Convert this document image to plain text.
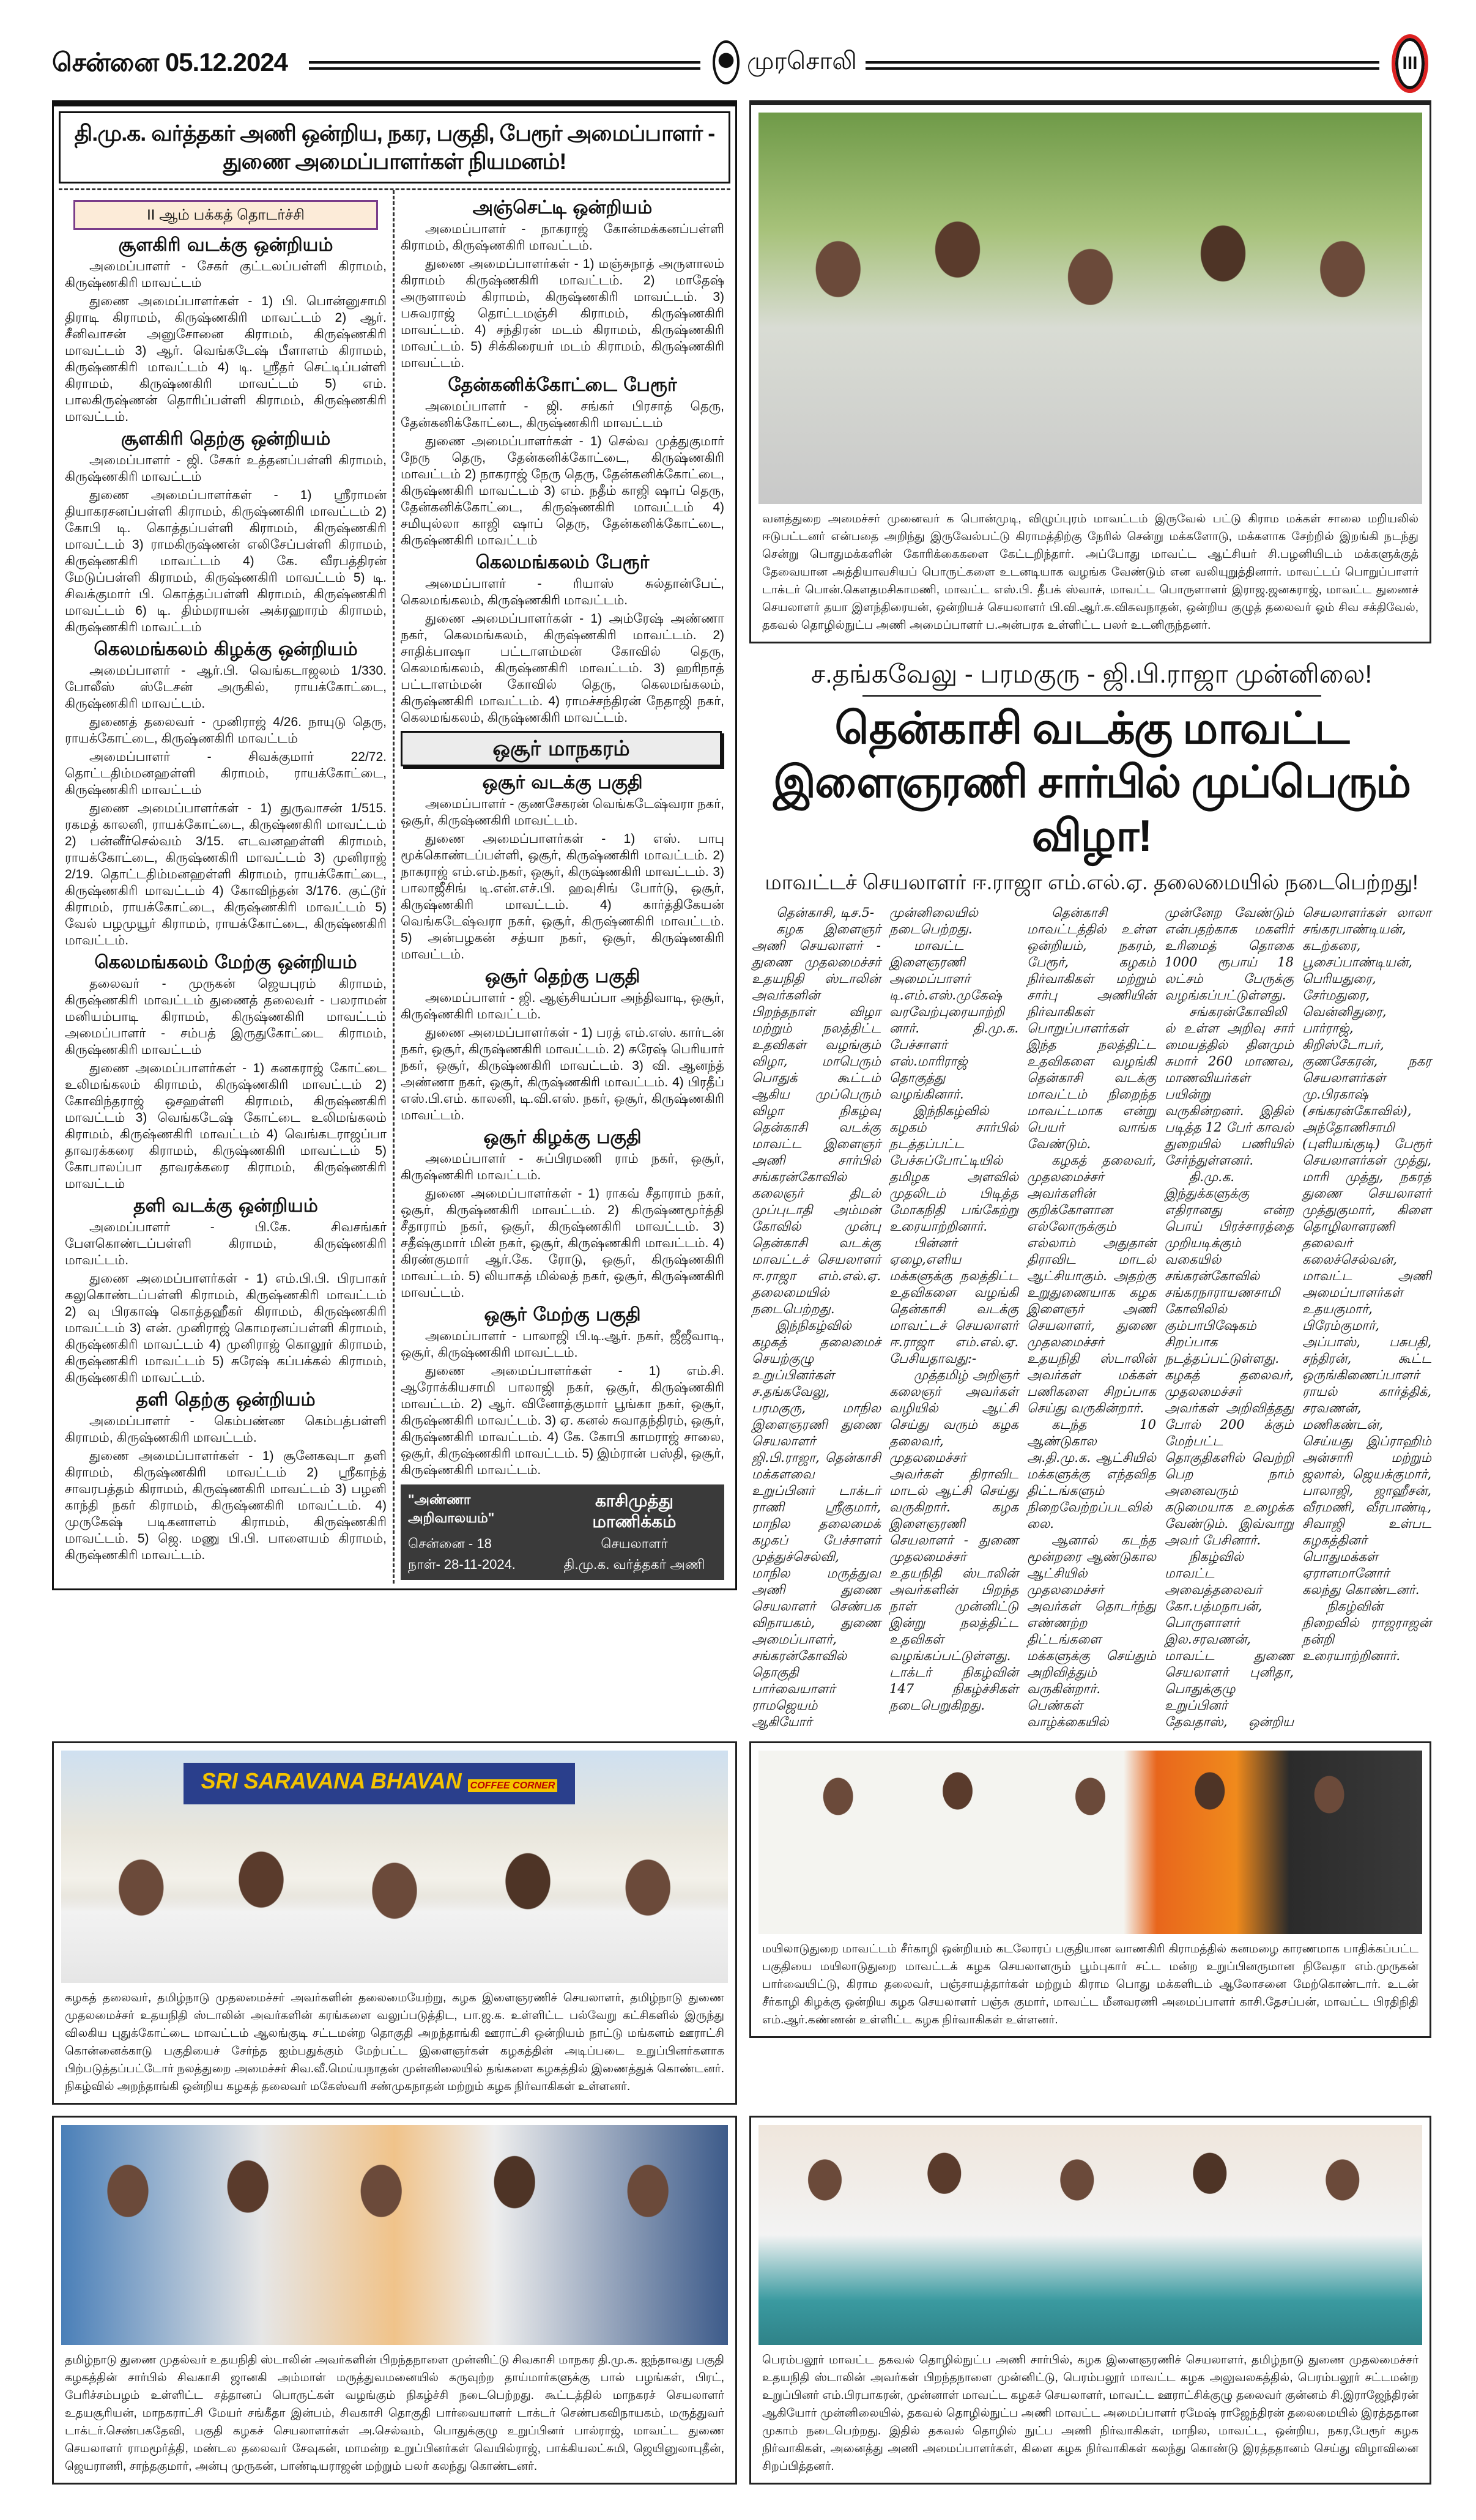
சென்னை 05.12.2024	முரசொலி	III
தி.மு.க. வர்த்தகர் அணி ஒன்றிய, நகர, பகுதி, பேரூர் அமைப்பாளர் - துணை அமைப்பாளர்கள் நியமனம்!
II ஆம் பக்கத் தொடர்ச்சி
சூளகிரி வடக்கு ஒன்றியம்

அமைப்பாளர் - சேகர் குட்டலப்பள்ளி கிராமம், கிருஷ்ணகிரி மாவட்டம்

துணை அமைப்பாளர்கள் - 1) பி. பொன்னுசாமி திராடி கிராமம், கிருஷ்ணகிரி மாவட்டம் 2) ஆர். சீனிவாசன் அனுசோனை கிராமம், கிருஷ்ணகிரி மாவட்டம் 3) ஆர். வெங்கடேஷ் பீளாளம் கிராமம், கிருஷ்ணகிரி மாவட்டம் 4) டி. ஸ்ரீதர் செட்டிப்பள்ளி கிராமம், கிருஷ்ணகிரி மாவட்டம் 5) எம். பாலகிருஷ்ணன் தொரிப்பள்ளி கிராமம், கிருஷ்ணகிரி மாவட்டம்.

சூளகிரி தெற்கு ஒன்றியம்

அமைப்பாளர் - ஜி. சேகர் உத்தனப்பள்ளி கிராமம், கிருஷ்ணகிரி மாவட்டம்

துணை அமைப்பாளர்கள் - 1) ஸ்ரீராமன் தியாகரசனப்பள்ளி கிராமம், கிருஷ்ணகிரி மாவட்டம் 2) கோபி டி. கொத்தப்பள்ளி கிராமம், கிருஷ்ணகிரி மாவட்டம் 3) ராமகிருஷ்ணன் எலிசேப்பள்ளி கிராமம், கிருஷ்ணகிரி மாவட்டம் 4) கே. வீரபத்திரன் மேடுப்பள்ளி கிராமம், கிருஷ்ணகிரி மாவட்டம் 5) டி. சிவக்குமார் பி. கொத்தப்பள்ளி கிராமம், கிருஷ்ணகிரி மாவட்டம் 6) டி. திம்மராயன் அக்ரஹாரம் கிராமம், கிருஷ்ணகிரி மாவட்டம்

கெலமங்கலம் கிழக்கு ஒன்றியம்

அமைப்பாளர் - ஆர்.பி. வெங்கடாஜலம் 1/330. போலீஸ் ஸ்டேசன் அருகில், ராயக்கோட்டை, கிருஷ்ணகிரி மாவட்டம்.

துணைத் தலைவர் - முனிராஜ் 4/26. நாயுடு தெரு, ராயக்கோட்டை, கிருஷ்ணகிரி மாவட்டம்

அமைப்பாளர் - சிவக்குமார் 22/72. தொட்டதிம்மனஹள்ளி கிராமம், ராயக்கோட்டை, கிருஷ்ணகிரி மாவட்டம்

துணை அமைப்பாளர்கள் - 1) துருவாசன் 1/515. ரகமத் காலனி, ராயக்கோட்டை, கிருஷ்ணகிரி மாவட்டம் 2) பன்னீர்செல்வம் 3/15. எடவனஹள்ளி கிராமம், ராயக்கோட்டை, கிருஷ்ணகிரி மாவட்டம் 3) முனிராஜ் 2/19. தொட்டதிம்மனஹள்ளி கிராமம், ராயக்கோட்டை, கிருஷ்ணகிரி மாவட்டம் 4) கோவிந்தன் 3/176. குட்டூர் கிராமம், ராயக்கோட்டை, கிருஷ்ணகிரி மாவட்டம் 5) வேல் பழமுயூர் கிராமம், ராயக்கோட்டை, கிருஷ்ணகிரி மாவட்டம்.

கெலமங்கலம் மேற்கு ஒன்றியம்

தலைவர் - முருகன் ஜெயபுரம் கிராமம், கிருஷ்ணகிரி மாவட்டம் துணைத் தலைவர் - பலராமன் மனியம்பாடி கிராமம், கிருஷ்ணகிரி மாவட்டம் அமைப்பாளர் - சம்பத் இருதுகோட்டை கிராமம், கிருஷ்ணகிரி மாவட்டம்

துணை அமைப்பாளர்கள் - 1) கனகராஜ் கோட்டை உலிமங்கலம் கிராமம், கிருஷ்ணகிரி மாவட்டம் 2) கோவிந்தராஜ் ஒசஹள்ளி கிராமம், கிருஷ்ணகிரி மாவட்டம் 3) வெங்கடேஷ் கோட்டை உலிமங்கலம் கிராமம், கிருஷ்ணகிரி மாவட்டம் 4) வெங்கடராஜப்பா தாவரக்கரை கிராமம், கிருஷ்ணகிரி மாவட்டம் 5) கோபாலப்பா தாவரக்கரை கிராமம், கிருஷ்ணகிரி மாவட்டம்

தளி வடக்கு ஒன்றியம்

அமைப்பாளர் - பி.கே. சிவசங்கர் பேளகொண்டப்பள்ளி கிராமம், கிருஷ்ணகிரி மாவட்டம்.

துணை அமைப்பாளர்கள் - 1) எம்.பி.பி. பிரபாகர் கலுகொண்டப்பள்ளி கிராமம், கிருஷ்ணகிரி மாவட்டம் 2) வு பிரகாஷ் கொத்தஹீகர் கிராமம், கிருஷ்ணகிரி மாவட்டம் 3) என். முனிராஜ் கொமரனப்பள்ளி கிராமம், கிருஷ்ணகிரி மாவட்டம் 4) முனிராஜ் கொலூர் கிராமம், கிருஷ்ணகிரி மாவட்டம் 5) சுரேஷ் கப்பக்கல் கிராமம், கிருஷ்ணகிரி மாவட்டம்.

தளி தெற்கு ஒன்றியம்

அமைப்பாளர் - கெம்பண்ண கெம்பத்பள்ளி கிராமம், கிருஷ்ணகிரி மாவட்டம்.

துணை அமைப்பாளர்கள் - 1) சூனேகவுடா தளி கிராமம், கிருஷ்ணகிரி மாவட்டம் 2) ஸ்ரீகாந்த் சாவரபத்தம் கிராமம், கிருஷ்ணகிரி மாவட்டம் 3) பழனி காந்தி நகர் கிராமம், கிருஷ்ணகிரி மாவட்டம். 4) முருகேஷ் படிகனாளம் கிராமம், கிருஷ்ணகிரி மாவட்டம். 5) ஜெ. மணு பி.பி. பாளையம் கிராமம், கிருஷ்ணகிரி மாவட்டம்.

அஞ்செட்டி ஒன்றியம்

அமைப்பாளர் - நாகராஜ் கோன்மக்கனப்பள்ளி கிராமம், கிருஷ்ணகிரி மாவட்டம்.

துணை அமைப்பாளர்கள் - 1) மஞ்சுநாத் அருளாலம் கிராமம் கிருஷ்ணகிரி மாவட்டம். 2) மாதேஷ் அருளாலம் கிராமம், கிருஷ்ணகிரி மாவட்டம். 3) பசுவராஜ் தொட்டமஞ்சி கிராமம், கிருஷ்ணகிரி மாவட்டம். 4) சந்திரன் மடம் கிராமம், கிருஷ்ணகிரி மாவட்டம். 5) சிக்கிரையர் மடம் கிராமம், கிருஷ்ணகிரி மாவட்டம்.

தேன்கனிக்கோட்டை பேரூர்

அமைப்பாளர் - ஜி. சங்கர் பிரசாத் தெரு, தேன்கனிக்கோட்டை, கிருஷ்ணகிரி மாவட்டம்

துணை அமைப்பாளர்கள் - 1) செல்வ முத்துகுமார் நேரு தெரு, தேன்கனிக்கோட்டை, கிருஷ்ணகிரி மாவட்டம் 2) நாகராஜ் நேரு தெரு, தேன்கனிக்கோட்டை, கிருஷ்ணகிரி மாவட்டம் 3) எம். நதீம் காஜி ஷாப் தெரு, தேன்கனிக்கோட்டை, கிருஷ்ணகிரி மாவட்டம் 4) சமியுல்லா காஜி ஷாப் தெரு, தேன்கனிக்கோட்டை, கிருஷ்ணகிரி மாவட்டம்

கெலமங்கலம் பேரூர்

அமைப்பாளர் - ரியாஸ் சுல்தான்பேட், கெலமங்கலம், கிருஷ்ணகிரி மாவட்டம்.

துணை அமைப்பாளர்கள் - 1) அம்ரேஷ் அண்ணா நகர், கெலமங்கலம், கிருஷ்ணகிரி மாவட்டம். 2) சாதிக்பாஷா பட்டாளம்மன் கோவில் தெரு, கெலமங்கலம், கிருஷ்ணகிரி மாவட்டம். 3) ஹரிநாத் பட்டாளம்மன் கோவில் தெரு, கெலமங்கலம், கிருஷ்ணகிரி மாவட்டம். 4) ராமச்சந்திரன் நேதாஜி நகர், கெலமங்கலம், கிருஷ்ணகிரி மாவட்டம்.

ஒசூர் மாநகரம்
ஒசூர் வடக்கு பகுதி

அமைப்பாளர் - குணசேகரன் வெங்கடேஷ்வரா நகர், ஒசூர், கிருஷ்ணகிரி மாவட்டம்.

துணை அமைப்பாளர்கள் - 1) எஸ். பாபு மூக்கொண்டப்பள்ளி, ஒசூர், கிருஷ்ணகிரி மாவட்டம். 2) நாகராஜ் எம்.எம்.நகர், ஒசூர், கிருஷ்ணகிரி மாவட்டம். 3) பாலாஜீசிங் டி.என்.எச்.பி. ஹவுசிங் போர்டு, ஒசூர், கிருஷ்ணகிரி மாவட்டம். 4) கார்த்திகேயன் வெங்கடேஷ்வரா நகர், ஒசூர், கிருஷ்ணகிரி மாவட்டம். 5) அன்பழகன் சத்யா நகர், ஒசூர், கிருஷ்ணகிரி மாவட்டம்.

ஒசூர் தெற்கு பகுதி

அமைப்பாளர் - ஜி. ஆஞ்சியப்பா அந்திவாடி, ஒசூர், கிருஷ்ணகிரி மாவட்டம்.

துணை அமைப்பாளர்கள் - 1) பரத் எம்.எஸ். கார்டன் நகர், ஒசூர், கிருஷ்ணகிரி மாவட்டம். 2) சுரேஷ் பெரியார் நகர், ஒசூர், கிருஷ்ணகிரி மாவட்டம். 3) வி. ஆனந்த் அண்ணா நகர், ஒசூர், கிருஷ்ணகிரி மாவட்டம். 4) பிரதீப் எஸ்.பி.எம். காலனி, டி.வி.எஸ். நகர், ஒசூர், கிருஷ்ணகிரி மாவட்டம்.

ஒசூர் கிழக்கு பகுதி

அமைப்பாளர் - சுப்பிரமணி ராம் நகர், ஒசூர், கிருஷ்ணகிரி மாவட்டம்.

துணை அமைப்பாளர்கள் - 1) ராகவ் சீதாராம் நகர், ஒசூர், கிருஷ்ணகிரி மாவட்டம். 2) கிருஷ்ணமூர்த்தி சீதாராம் நகர், ஒசூர், கிருஷ்ணகிரி மாவட்டம். 3) சதீஷ்குமார் மின் நகர், ஒசூர், கிருஷ்ணகிரி மாவட்டம். 4) கிரண்குமார் ஆர்.கே. ரோடு, ஒசூர், கிருஷ்ணகிரி மாவட்டம். 5) லியாகத் மில்லத் நகர், ஒசூர், கிருஷ்ணகிரி மாவட்டம்.

ஒசூர் மேற்கு பகுதி

அமைப்பாளர் - பாலாஜி பி.டி.ஆர். நகர், ஜீஜீவாடி, ஒசூர், கிருஷ்ணகிரி மாவட்டம்.

துணை அமைப்பாளர்கள் - 1) எம்.சி. ஆரோக்கியசாமி பாலாஜி நகர், ஒசூர், கிருஷ்ணகிரி மாவட்டம். 2) ஆர். வினோத்குமார் பூங்கா நகர், ஒசூர், கிருஷ்ணகிரி மாவட்டம். 3) ஏ. கனல் சுவாதந்திரம், ஒசூர், கிருஷ்ணகிரி மாவட்டம். 4) கே. கோபி காமராஜ் சாலை, ஒசூர், கிருஷ்ணகிரி மாவட்டம். 5) இம்ரான் பஸ்தி, ஒசூர், கிருஷ்ணகிரி மாவட்டம்.

"அண்ணா அறிவாலயம்"
காசிமுத்து மாணிக்கம்
சென்னை - 18	செயலாளர்
நாள்- 28-11-2024.	தி.மு.க. வர்த்தகர் அணி
வனத்துறை அமைச்சர் முனைவர் க பொன்முடி, விழுப்புரம் மாவட்டம் இருவேல் பட்டு கிராம மக்கள் சாலை மறியலில் ஈடுபட்டனர் என்பதை அறிந்து இருவேல்பட்டு கிராமத்திற்கு நேரில் சென்று மக்களோடு, மக்களாக சேற்றில் இறங்கி நடந்து சென்று பொதுமக்களின் கோரிக்கைகளை கேட்டறிந்தார். அப்போது மாவட்ட ஆட்சியர் சி.பழனியிடம் மக்களுக்குத் தேவையான அத்தியாவசியப் பொருட்களை உடனடியாக வழங்க வேண்டும் என வலியுறுத்தினார். மாவட்டப் பொறுப்பாளர் டாக்டர் பொன்.கௌதமசிகாமணி, மாவட்ட எஸ்.பி. தீபக் ஸ்வாச், மாவட்ட பொருளாளர் இராஜ.ஜனகராஜ், மாவட்ட துணைச் செயலாளர் தயா இளந்திரையன், ஒன்றியச் செயலாளர் பி.வி.ஆர்.சு.விசுவநாதன், ஒன்றிய குழுத் தலைவர் ஓம் சிவ சக்திவேல், தகவல் தொழில்நுட்ப அணி அமைப்பாளர் ப.அன்பரசு உள்ளிட்ட பலர் உடனிருந்தனர்.
ச.தங்கவேலு - பரமகுரு - ஜி.பி.ராஜா முன்னிலை!
தென்காசி வடக்கு மாவட்ட இளைஞரணி சார்பில் முப்பெரும் விழா!
மாவட்டச் செயலாளர் ஈ.ராஜா எம்.எல்.ஏ. தலைமையில் நடைபெற்றது!

தென்காசி, டிச.5-

கழக இளைஞர் அணி செயலாளர் - துணை முதலமைச்சர் உதயநிதி ஸ்டாலின் அவர்களின் பிறந்தநாள் விழா மற்றும் நலத்திட்ட உதவிகள் வழங்கும் விழா, மாபெரும் பொதுக் கூட்டம் ஆகிய முப்பெரும் விழா நிகழ்வு தென்காசி வடக்கு மாவட்ட இளைஞர் அணி சார்பில் சங்கரன்கோவில் கலைஞர் திடல் முப்புடாதி அம்மன் கோவில் முன்பு தென்காசி வடக்கு மாவட்டச் செயலாளர் ஈ.ராஜா எம்.எல்.ஏ. தலைமையில் நடைபெற்றது.

இந்நிகழ்வில் கழகத் தலைமைச் செயற்குழு உறுப்பினர்கள் ச.தங்கவேலு, பரமகுரு, மாநில இளைஞரணி துணை செயலாளர் ஜி.பி.ராஜா, தென்காசி மக்களவை உறுப்பினர் டாக்டர் ராணி ஸ்ரீகுமார், மாநில தலைமைக் கழகப் பேச்சாளர் முத்துச்செல்வி, மாநில மருத்துவ அணி துணை செயலாளர் செண்பக விநாயகம், துணை அமைப்பாளர், சங்கரன்கோவில் தொகுதி பார்வையாளர் ராமஜெயம் ஆகியோர் முன்னிலையில் நடைபெற்றது.

மாவட்ட இளைஞரணி அமைப்பாளர் டி.எம்.எஸ்.முகேஷ் வரவேற்புரையாற்றினார். தி.மு.க. பேச்சாளர் எஸ்.மாரிராஜ் தொகுத்து வழங்கினார்.

இந்நிகழ்வில் கழகம் சார்பில் நடத்தப்பட்ட பேச்சுப்போட்டியில் தமிழக அளவில் முதலிடம் பிடித்த மோகநிதி பங்கேற்று உரையாற்றினார்.

பின்னர் ஏழை,எளிய மக்களுக்கு நலத்திட்ட உதவிகளை வழங்கி தென்காசி வடக்கு மாவட்டச் செயலாளர் ஈ.ராஜா எம்.எல்.ஏ. பேசியதாவது:-

முத்தமிழ் அறிஞர் கலைஞர் அவர்கள் வழியில் ஆட்சி செய்து வரும் கழக தலைவர், முதலமைச்சர் அவர்கள் திராவிட மாடல் ஆட்சி செய்து வருகிறார். கழக இளைஞரணி செயலாளர் - துணை முதலமைச்சர் உதயநிதி ஸ்டாலின் அவர்களின் பிறந்த நாள் முன்னிட்டு இன்று நலத்திட்ட உதவிகள் வழங்கப்பட்டுள்ளது. டாக்டர் நிகழ்வின் 147 நிகழ்ச்சிகள் நடைபெறுகிறது.

தென்காசி மாவட்டத்தில் உள்ள ஒன்றியம், நகரம், பேரூர், கழகம் நிர்வாகிகள் மற்றும் சார்பு அணியின் நிர்வாகிகள் பொறுப்பாளர்கள் இந்த நலத்திட்ட உதவிகளை வழங்கி தென்காசி வடக்கு மாவட்டம் நிறைந்த மாவட்டமாக என்று பெயர் வாங்க வேண்டும்.

கழகத் தலைவர், முதலமைச்சர் அவர்களின் குறிக்கோளான எல்லோருக்கும் எல்லாம் அதுதான் திராவிட மாடல் ஆட்சியாகும். அதற்கு உறுதுணையாக கழக இளைஞர் அணி செயலாளர், துணை முதலமைச்சர் உதயநிதி ஸ்டாலின் அவர்கள் மக்கள் பணிகளை சிறப்பாக செய்து வருகின்றார்.

கடந்த 10 ஆண்டுகால அ.தி.மு.க. ஆட்சியில் மக்களுக்கு எந்தவித திட்டங்களும் நிறைவேற்றப்படவில்லை.

ஆனால் கடந்த மூன்றரை ஆண்டுகால ஆட்சியில் முதலமைச்சர் அவர்கள் தொடர்ந்து எண்ணற்ற திட்டங்களை மக்களுக்கு செய்தும் அறிவித்தும் வருகின்றார். பெண்கள் வாழ்க்கையில் முன்னேற வேண்டும் என்பதற்காக மகளிர் உரிமைத் தொகை 1000 ரூபாய் 18 லட்சம் பேருக்கு வழங்கப்பட்டுள்ளது.

சங்கரன்கோவிலில் உள்ள அறிவு சார் மையத்தில் தினமும் சுமார் 260 மாணவ, மாணவியர்கள் பயின்று வருகின்றனர். இதில் படித்த 12 பேர் காவல் துறையில் பணியில் சேர்ந்துள்ளனர்.

தி.மு.க. இந்துக்களுக்கு எதிரானது என்ற பொய் பிரச்சாரத்தை முறியடிக்கும் வகையில் சங்கரன்கோவில் சங்கரநாராயணசாமி கோவிலில் கும்பாபிஷேகம் சிறப்பாக நடத்தப்பட்டுள்ளது. கழகத் தலைவர், முதலமைச்சர் அவர்கள் அறிவித்தது போல் 200 க்கும் மேற்பட்ட தொகுதிகளில் வெற்றி பெற நாம் அனைவரும் கடுமையாக உழைக்க வேண்டும். இவ்வாறு அவர் பேசினார்.

நிகழ்வில் மாவட்ட அவைத்தலைவர் கோ.பத்மநாபன், பொருளாளர் இல.சரவணன், மாவட்ட துணை செயலாளர் புனிதா, பொதுக்குழு உறுப்பினர் தேவதாஸ், ஒன்றிய செயலாளர்கள் லாலா சங்கரபாண்டியன், கடற்கரை, பூசைப்பாண்டியன், பெரியதுரை, சேர்மதுரை, வென்னிதுரை, பார்ராஜ், கிறிஸ்டோபர், குணசேகரன், நகர செயலாளர்கள் மு.பிரகாஷ் (சங்கரன்கோவில்), அந்தோணிசாமி (புளியங்குடி) பேரூர் செயலாளர்கள் முத்து, மாரி முத்து, நகரத் துணை செயலாளர் முத்துகுமார், கிளை தொழிலாளரணி தலைவர் கலைச்செல்வன், மாவட்ட அணி அமைப்பாளர்கள் உதயகுமார், பிரேம்குமார், அப்பாஸ், பசுபதி, சந்திரன், கூட்ட ஒருங்கிணைப்பாளர் ராயல் கார்த்திக், சரவணன், மணிகண்டன், செய்யது இப்ராஹிம் அன்சாரி மற்றும் ஜலால், ஜெயக்குமார், பாலாஜி, ஜாஹீசன், வீரமணி, வீரபாண்டி, சிவாஜி உள்பட கழகத்தினர் பொதுமக்கள் ஏராளமானோர் கலந்து கொண்டனர்.

நிகழ்வின் நிறைவில் ராஜராஜன் நன்றி உரையாற்றினார்.

SRI SARAVANA BHAVAN COFFEE CORNER
கழகத் தலைவர், தமிழ்நாடு முதலமைச்சர் அவர்களின் தலைமையேற்று, கழக இளைஞரணிச் செயலாளர், தமிழ்நாடு துணை முதலமைச்சர் உதயநிதி ஸ்டாலின் அவர்களின் கரங்களை வலுப்படுத்திட, பா.ஜ.க. உள்ளிட்ட பல்வேறு கட்சிகளில் இருந்து விலகிய புதுக்கோட்டை மாவட்டம் ஆலங்குடி சட்டமன்ற தொகுதி அறந்தாங்கி ஊராட்சி ஒன்றியம் நாட்டு மங்களம் ஊராட்சி கொன்னைக்காடு பகுதியைச் சேர்ந்த ஐம்பதுக்கும் மேற்பட்ட இளைஞர்கள் கழகத்தின் அடிப்படை உறுப்பினர்களாக பிற்படுத்தப்பட்டோர் நலத்துறை அமைச்சர் சிவ.வீ.மெய்யநாதன் முன்னிலையில் தங்களை கழகத்தில் இணைத்துக் கொண்டனர். நிகழ்வில் அறந்தாங்கி ஒன்றிய கழகத் தலைவர் மகேஸ்வரி சண்முகநாதன் மற்றும் கழக நிர்வாகிகள் உள்ளனர்.
மயிலாடுதுறை மாவட்டம் சீர்காழி ஒன்றியம் கடலோரப் பகுதியான வாணகிரி கிராமத்தில் கனமழை காரணமாக பாதிக்கப்பட்ட பகுதியை மயிலாடுதுறை மாவட்டக் கழக செயலாளரும் பூம்புகார் சட்ட மன்ற உறுப்பினருமான நிவேதா எம்.முருகன் பார்வையிட்டு, கிராம தலைவர், பஞ்சாயத்தார்கள் மற்றும் கிராம பொது மக்களிடம் ஆலோசனை மேற்கொண்டார். உடன் சீர்காழி கிழக்கு ஒன்றிய கழக செயலாளர் பஞ்சு குமார், மாவட்ட மீனவரணி அமைப்பாளர் காசி.தேசப்பன், மாவட்ட பிரதிநிதி எம்.ஆர்.கண்ணன் உள்ளிட்ட கழக நிர்வாகிகள் உள்ளனர்.
தமிழ்நாடு துணை முதல்வர் உதயநிதி ஸ்டாலின் அவர்களின் பிறந்தநாளை முன்னிட்டு சிவகாசி மாநகர தி.மு.க. ஐந்தாவது பகுதி கழகத்தின் சார்பில் சிவகாசி ஜானகி அம்மாள் மருத்துவமனையில் கருவுற்ற தாய்மார்களுக்கு பால் பழங்கள், பிரட், பேரிச்சம்பழம் உள்ளிட்ட சத்தானப் பொருட்கள் வழங்கும் நிகழ்ச்சி நடைபெற்றது. கூட்டத்தில் மாநகரச் செயலாளர் உதயசூரியன், மாநகராட்சி மேயர் சங்கீதா இன்பம், சிவகாசி தொகுதி பார்வையாளர் டாக்டர் செண்பகவிநாயகம், மருத்துவர் டாக்டர்.செண்பகதேவி, பகுதி கழகச் செயலாளர்கள் அ.செல்வம், பொதுக்குழு உறுப்பினர் பால்ராஜ், மாவட்ட துணை செயலாளர் ராமமூர்த்தி, மண்டல தலைவர் சேவுகன், மாமன்ற உறுப்பினர்கள் வெயில்ராஜ், பாக்கியலட்சுமி, ஜெயினுலாபுதீன், ஜெயராணி, சாந்தகுமார், அன்பு முருகன், பாண்டியராஜன் மற்றும் பலர் கலந்து கொண்டனர்.
பெரம்பலூர் மாவட்ட தகவல் தொழில்நுட்ப அணி சார்பில், கழக இளைஞரணிச் செயலாளர், தமிழ்நாடு துணை முதலமைச்சர் உதயநிதி ஸ்டாலின் அவர்கள் பிறந்தநாளை முன்னிட்டு, பெரம்பலூர் மாவட்ட கழக அலுவலகத்தில், பெரம்பலூர் சட்டமன்ற உறுப்பினர் எம்.பிரபாகரன், முன்னாள் மாவட்ட கழகச் செயலாளர், மாவட்ட ஊராட்சிக்குழு தலைவர் குன்னம் சி.இராஜேந்திரன் ஆகியோர் முன்னிலையில், தகவல் தொழில்நுட்ப அணி மாவட்ட அமைப்பாளர் ரமேஷ் ராஜேந்திரன் தலைமையில் இரத்ததான முகாம் நடைபெற்றது. இதில் தகவல் தொழில் நுட்ப அணி நிர்வாகிகள், மாநில, மாவட்ட, ஒன்றிய, நகர,பேரூர் கழக நிர்வாகிகள், அனைத்து அணி அமைப்பாளர்கள், கிளை கழக நிர்வாகிகள் கலந்து கொண்டு இரத்ததானம் செய்து விழாவினை சிறப்பித்தனர்.
